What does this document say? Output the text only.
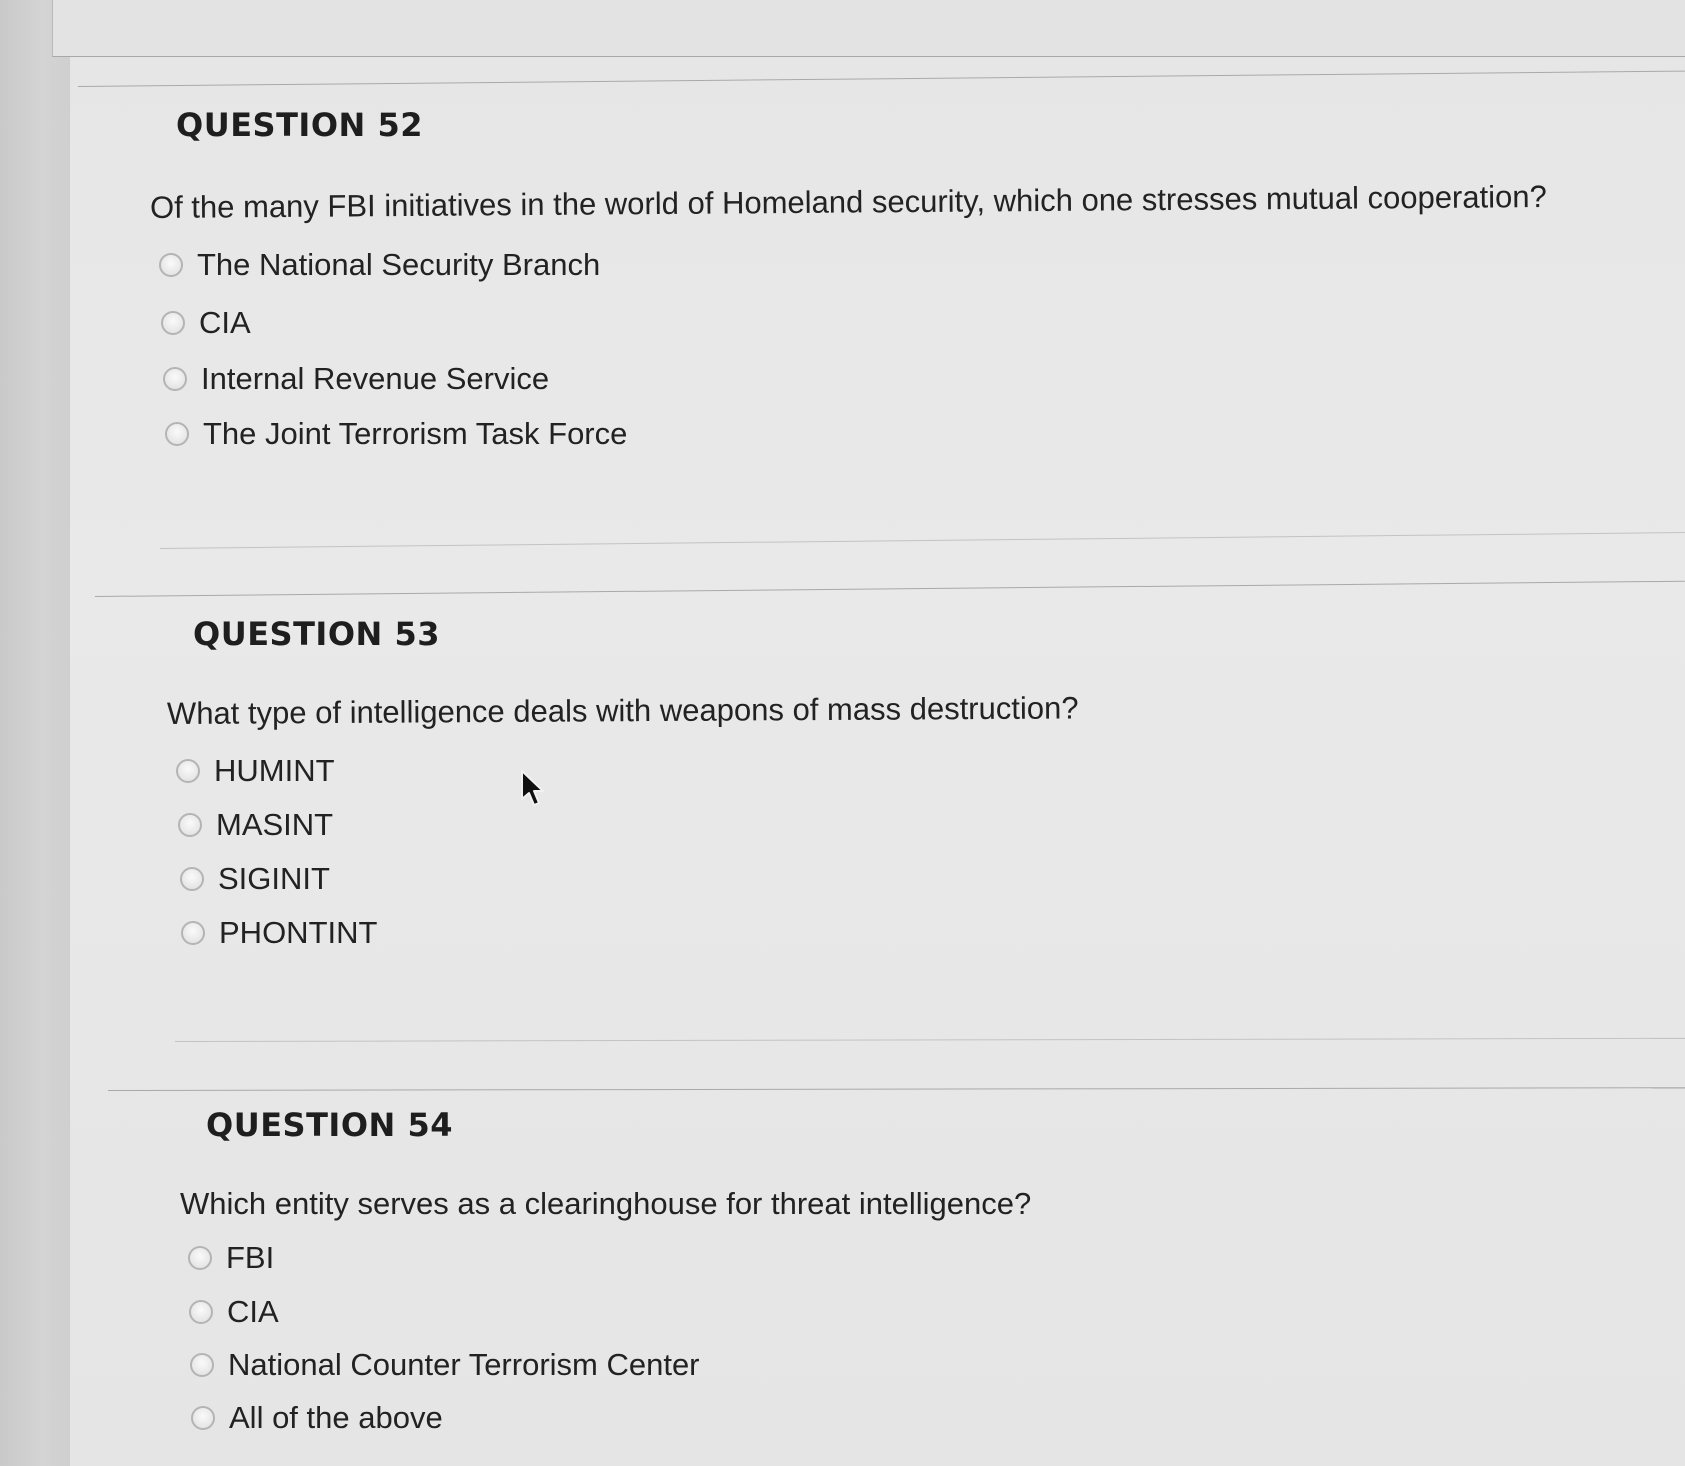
QUESTION 52
Of the many FBI initiatives in the world of Homeland security, which one stresses mutual cooperation?
The National Security Branch
CIA
Internal Revenue Service
The Joint Terrorism Task Force
QUESTION 53
What type of intelligence deals with weapons of mass destruction?
HUMINT
MASINT
SIGINIT
PHONTINT
QUESTION 54
Which entity serves as a clearinghouse for threat intelligence?
FBI
CIA
National Counter Terrorism Center
All of the above
